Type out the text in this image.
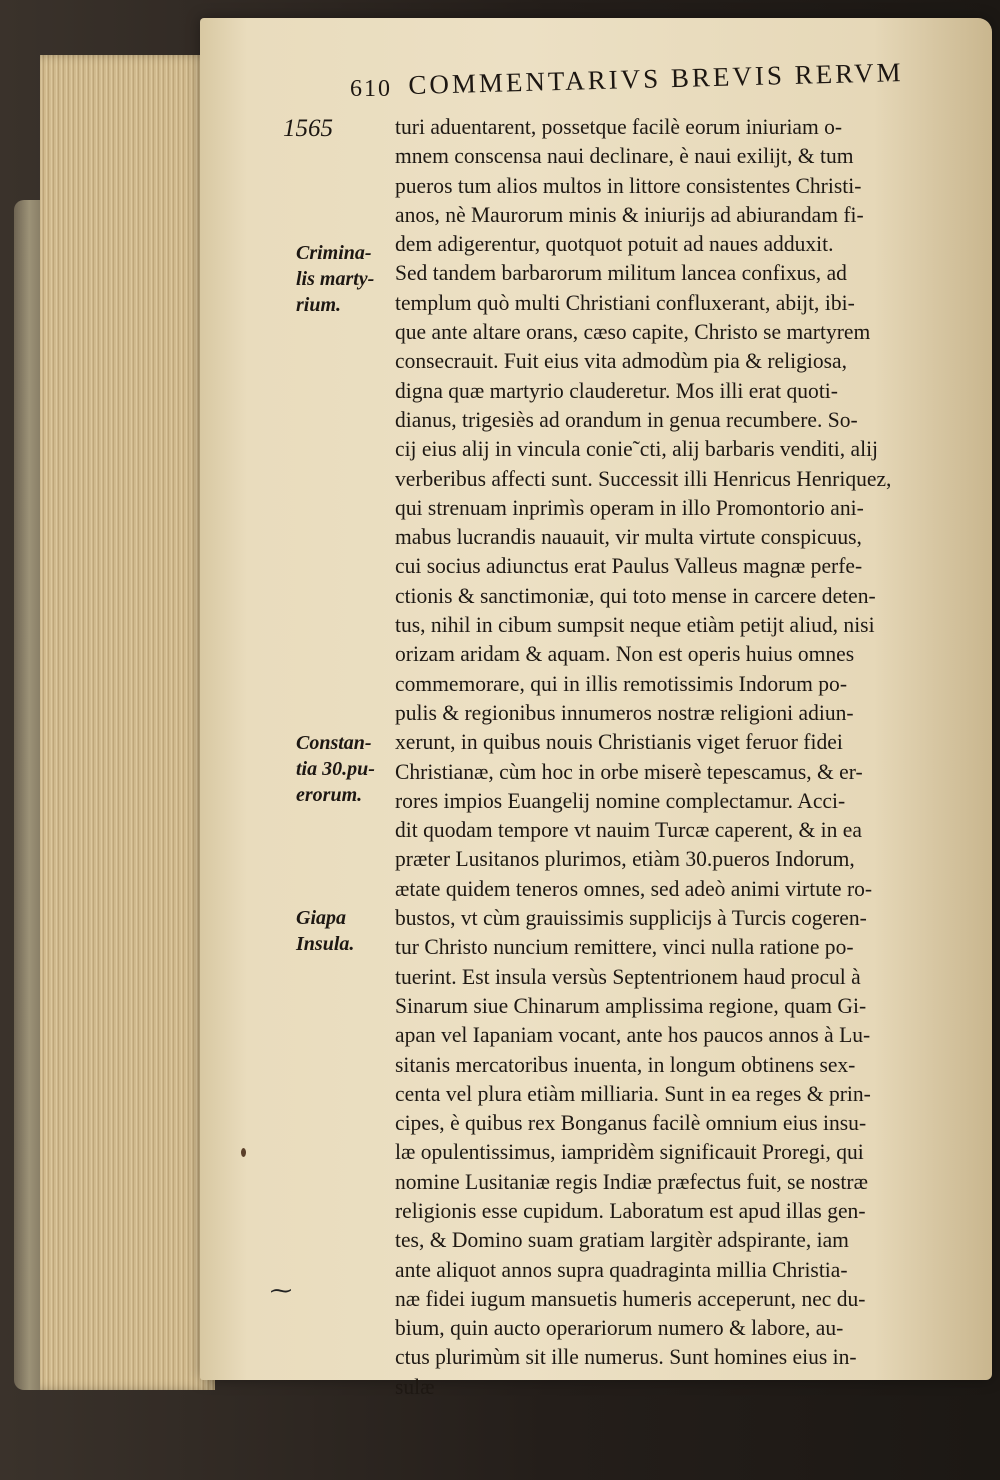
610 COMMENTARIVS BREVIS RERVM
1565
Crimina-
lis marty-
rium.
Constan-
tia 30.pu-
erorum.
Giapa
Insula.
turi aduentarent, possetque facilè eorum iniuriam o-
mnem conscensa naui declinare, è naui exilijt, & tum
pueros tum alios multos in littore consistentes Christi-
anos, nè Maurorum minis & iniurijs ad abiurandam fi-
dem adigerentur, quotquot potuit ad naues adduxit.
Sed tandem barbarorum militum lancea confixus, ad
templum quò multi Christiani confluxerant, abijt, ibi-
que ante altare orans, cæso capite, Christo se martyrem
consecrauit. Fuit eius vita admodùm pia & religiosa,
digna quæ martyrio clauderetur. Mos illi erat quoti-
dianus, trigesiès ad orandum in genua recumbere. So-
cij eius alij in vincula conie˜cti, alij barbaris venditi, alij
verberibus affecti sunt. Successit illi Henricus Henriquez,
qui strenuam inprimìs operam in illo Promontorio ani-
mabus lucrandis nauauit, vir multa virtute conspicuus,
cui socius adiunctus erat Paulus Valleus magnæ perfe-
ctionis & sanctimoniæ, qui toto mense in carcere deten-
tus, nihil in cibum sumpsit neque etiàm petijt aliud, nisi
orizam aridam & aquam. Non est operis huius omnes
commemorare, qui in illis remotissimis Indorum po-
pulis & regionibus innumeros nostræ religioni adiun-
xerunt, in quibus nouis Christianis viget feruor fidei
Christianæ, cùm hoc in orbe miserè tepescamus, & er-
rores impios Euangelij nomine complectamur. Acci-
dit quodam tempore vt nauim Turcæ caperent, & in ea
præter Lusitanos plurimos, etiàm 30.pueros Indorum,
ætate quidem teneros omnes, sed adeò animi virtute ro-
bustos, vt cùm grauissimis supplicijs à Turcis cogeren-
tur Christo nuncium remittere, vinci nulla ratione po-
tuerint. Est insula versùs Septentrionem haud procul à
Sinarum siue Chinarum amplissima regione, quam Gi-
apan vel Iapaniam vocant, ante hos paucos annos à Lu-
sitanis mercatoribus inuenta, in longum obtinens sex-
centa vel plura etiàm milliaria. Sunt in ea reges & prin-
cipes, è quibus rex Bonganus facilè omnium eius insu-
læ opulentissimus, iampridèm significauit Proregi, qui
nomine Lusitaniæ regis Indiæ præfectus fuit, se nostræ
religionis esse cupidum. Laboratum est apud illas gen-
tes, & Domino suam gratiam largitèr adspirante, iam
ante aliquot annos supra quadraginta millia Christia-
næ fidei iugum mansuetis humeris acceperunt, nec du-
bium, quin aucto operariorum numero & labore, au-
ctus plurimùm sit ille numerus. Sunt homines eius in-
sulæ
⁓
